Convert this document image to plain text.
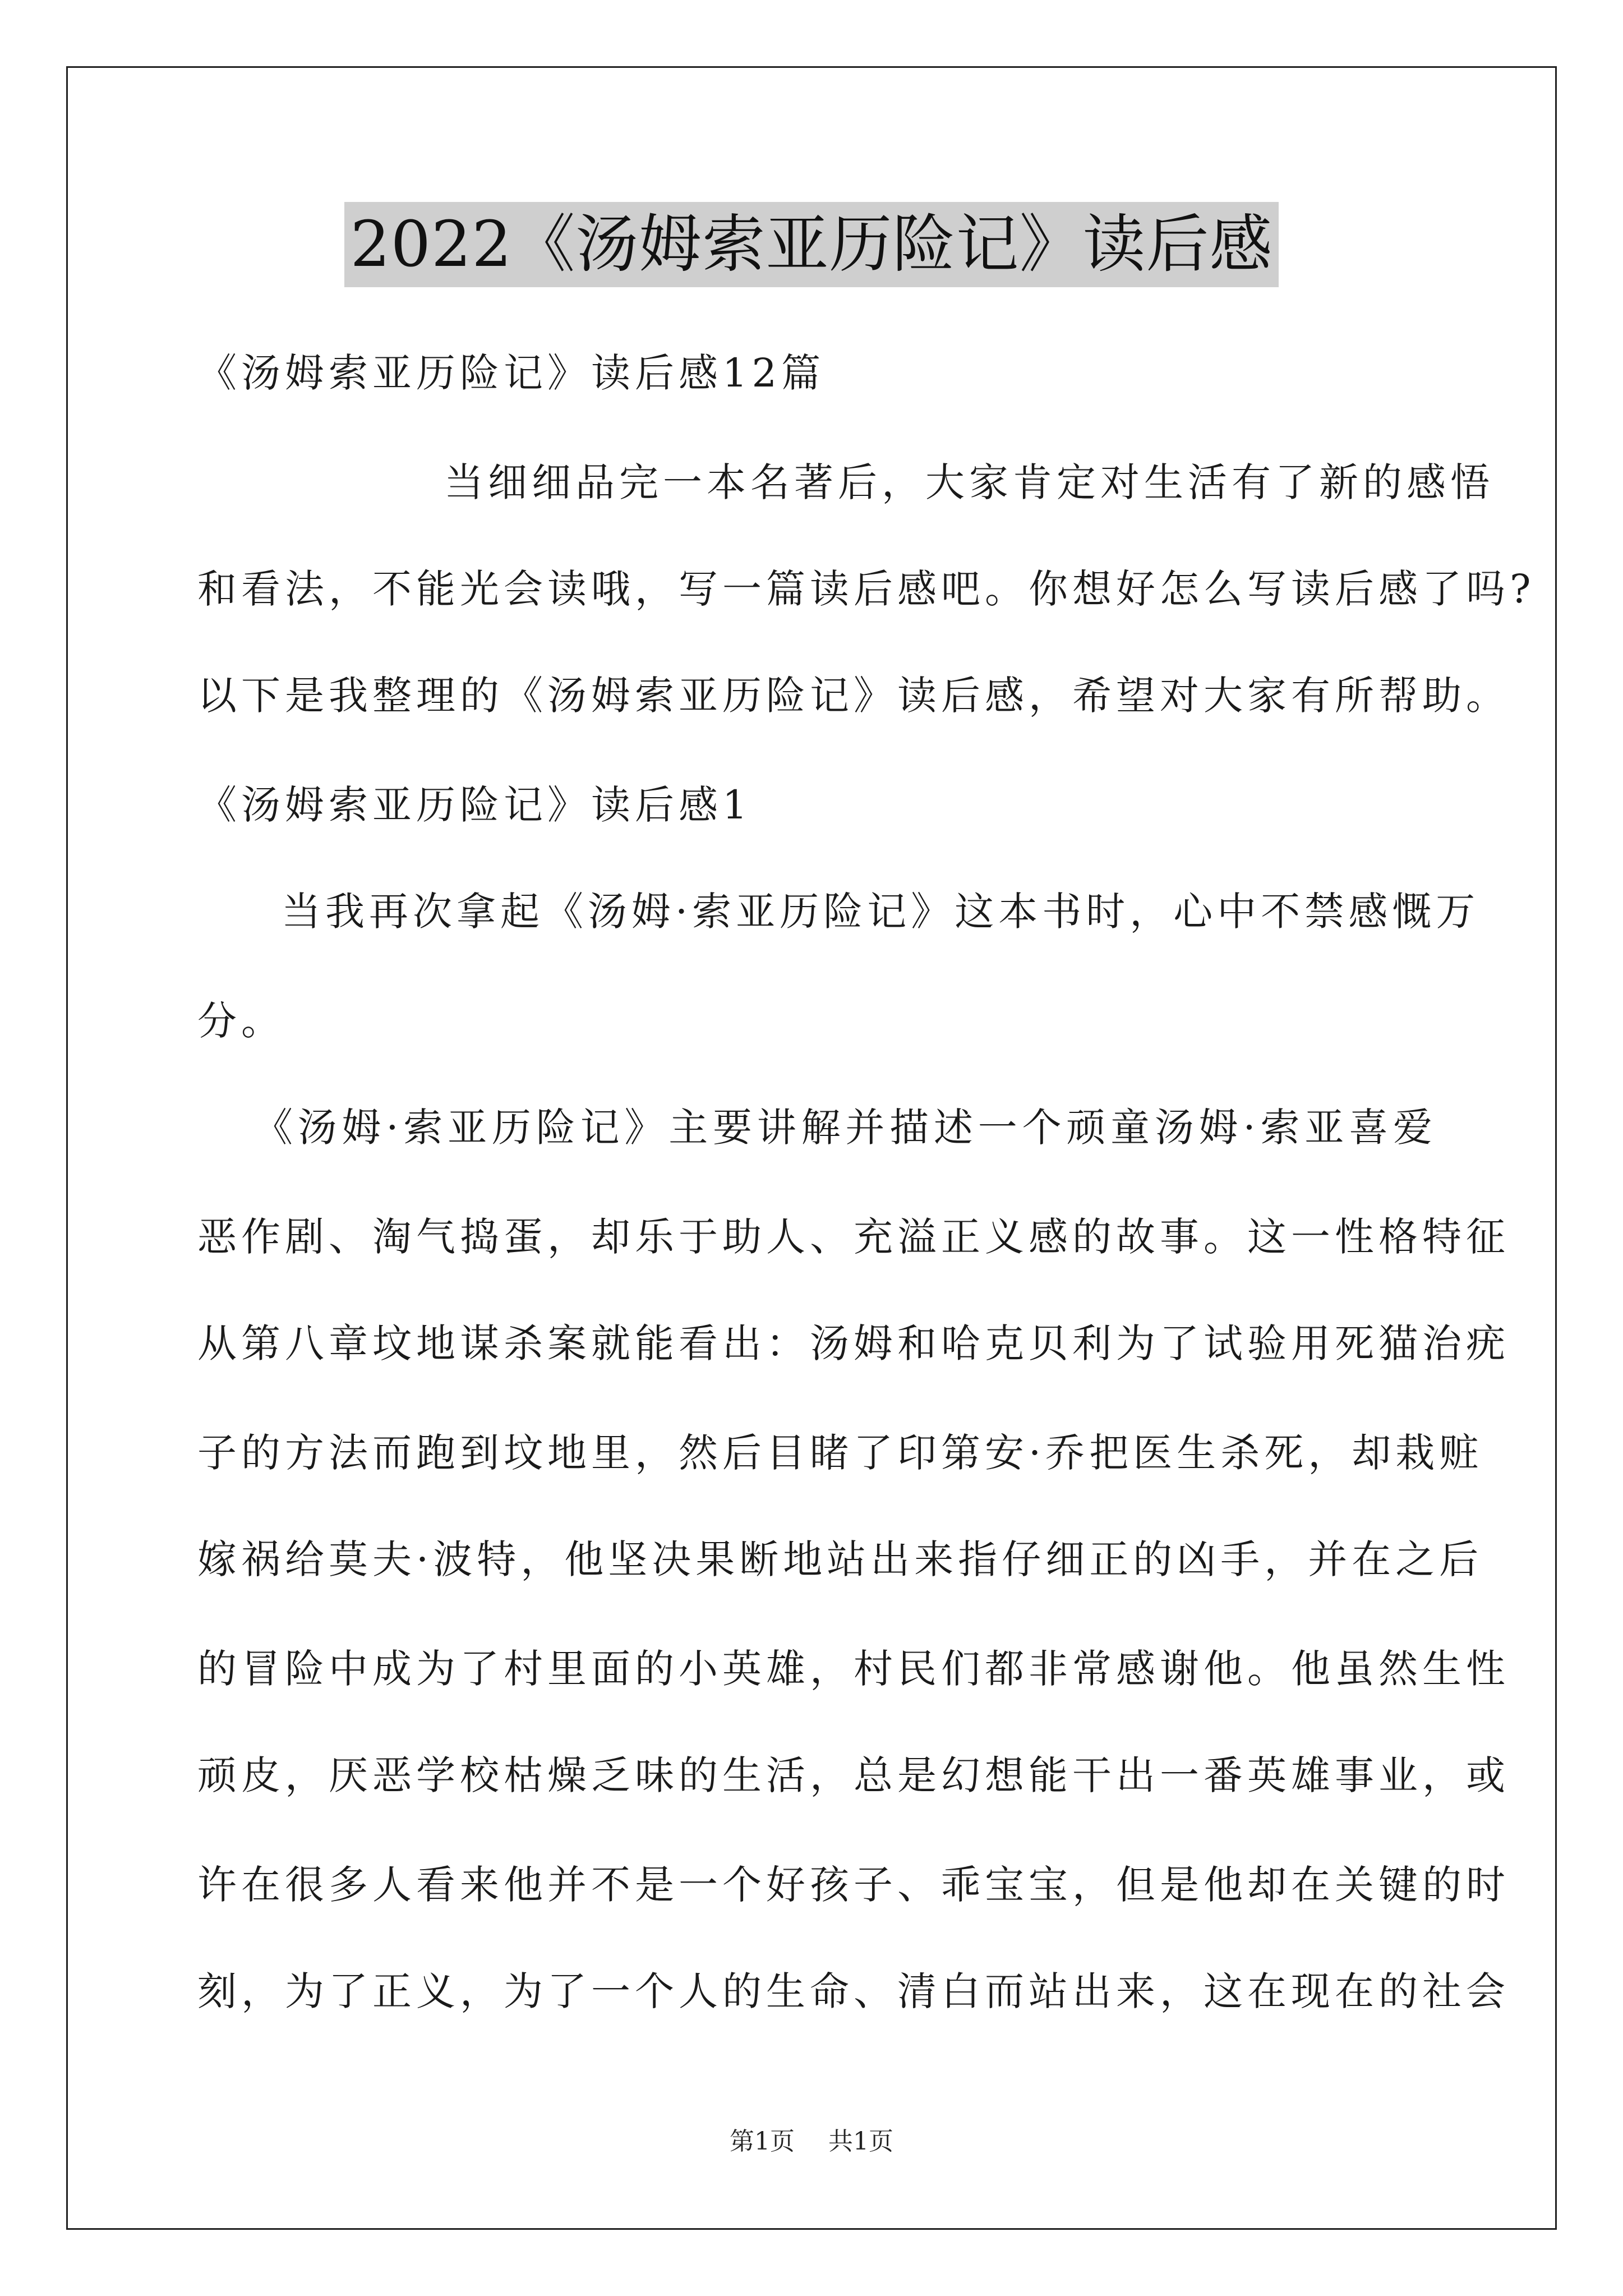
2022《汤姆索亚历险记》读后感
《汤姆索亚历险记》读后感12篇
当细细品完一本名著后，大家肯定对生活有了新的感悟
和看法，不能光会读哦，写一篇读后感吧。你想好怎么写读后感了吗?
以下是我整理的《汤姆索亚历险记》读后感，希望对大家有所帮助。
《汤姆索亚历险记》读后感1
当我再次拿起《汤姆·索亚历险记》这本书时，心中不禁感慨万
分。
《汤姆·索亚历险记》主要讲解并描述一个顽童汤姆·索亚喜爱
恶作剧、淘气捣蛋，却乐于助人、充溢正义感的故事。这一性格特征
从第八章坟地谋杀案就能看出：汤姆和哈克贝利为了试验用死猫治疣
子的方法而跑到坟地里，然后目睹了印第安·乔把医生杀死，却栽赃
嫁祸给莫夫·波特，他坚决果断地站出来指仔细正的凶手，并在之后
的冒险中成为了村里面的小英雄，村民们都非常感谢他。他虽然生性
顽皮，厌恶学校枯燥乏味的生活，总是幻想能干出一番英雄事业，或
许在很多人看来他并不是一个好孩子、乖宝宝，但是他却在关键的时
刻，为了正义，为了一个人的生命、清白而站出来，这在现在的社会
第1页 共1页
